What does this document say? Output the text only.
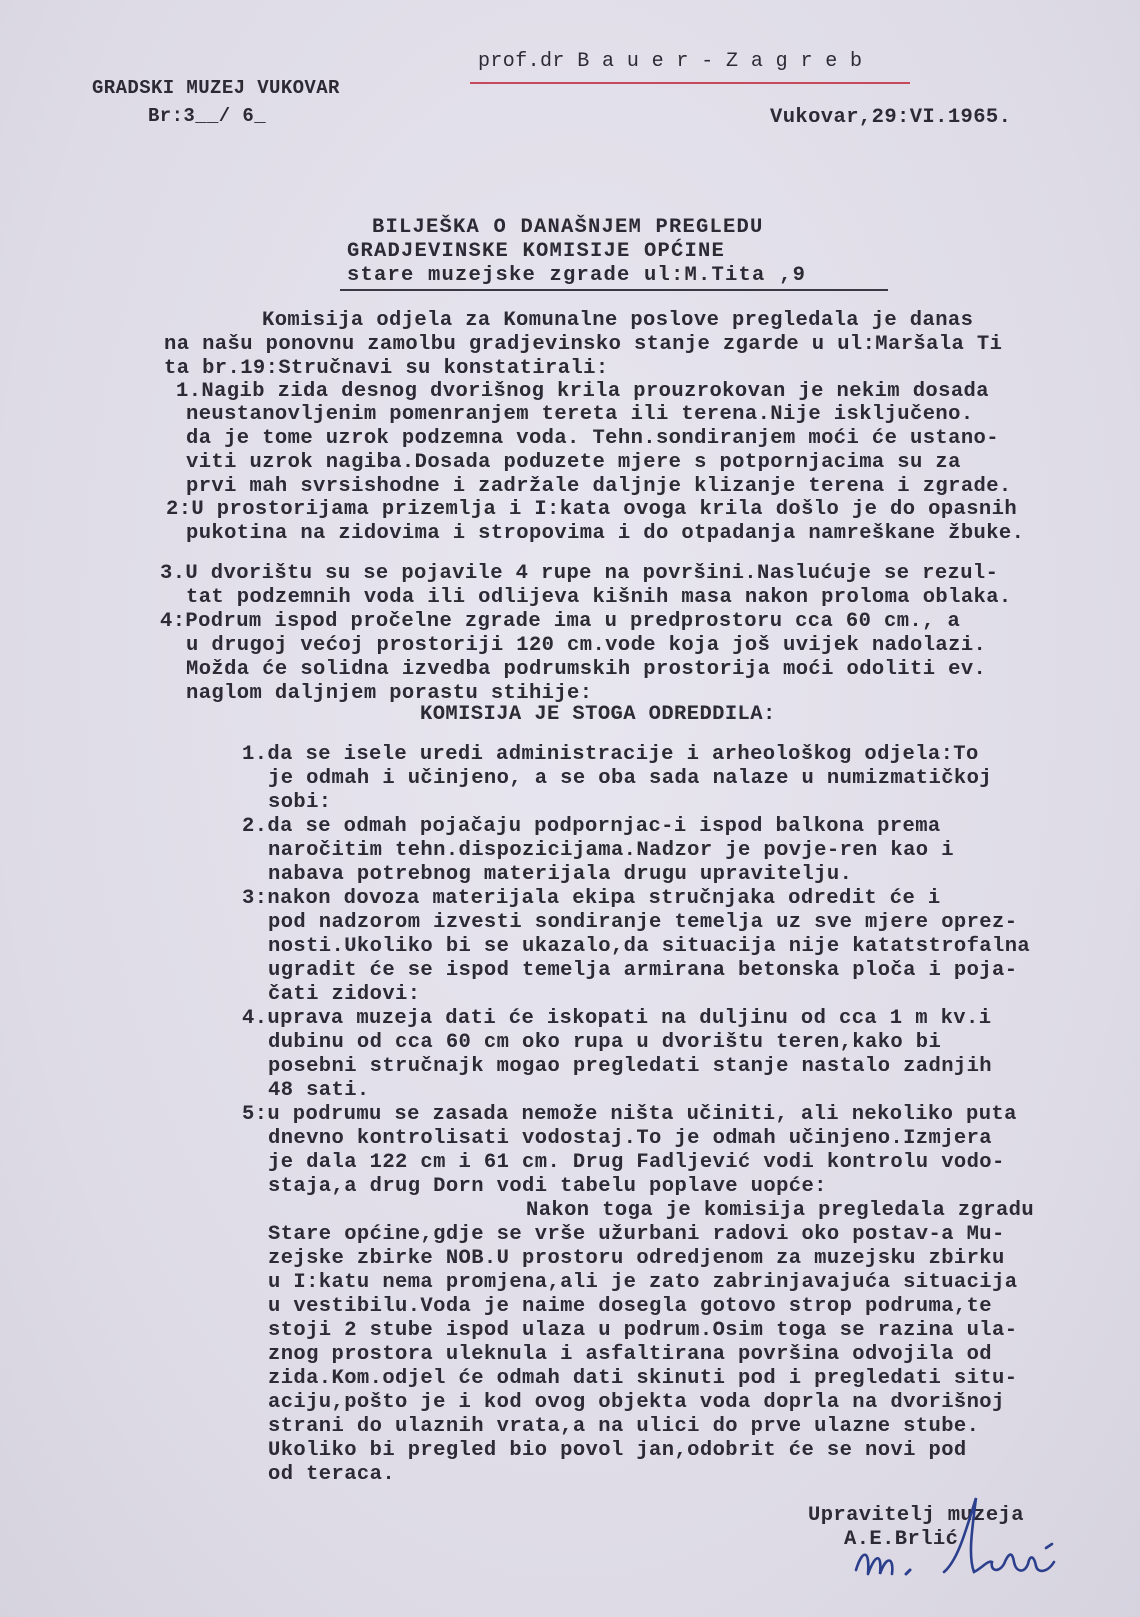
prof.dr B a u e r - Z a g r e b
GRADSKI MUZEJ VUKOVAR
Br:3__/ 6_	Vukovar,29:VI.1965.
BILJEŠKA O DANAŠNJEM PREGLEDU
GRADJEVINSKE KOMISIJE OPĆINE
stare muzejske zgrade ul:M.Tita ,9
Komisija odjela za Komunalne poslove pregledala je danas
na našu ponovnu zamolbu gradjevinsko stanje zgarde u ul:Maršala Ti
ta br.19:Stručnavi su konstatirali:
1.Nagib zida desnog dvorišnog krila prouzrokovan je nekim dosada
neustanovljenim pomenranjem tereta ili terena.Nije isključeno.
da je tome uzrok podzemna voda. Tehn.sondiranjem moći će ustano-
viti uzrok nagiba.Dosada poduzete mjere s potpornjacima su za
prvi mah svrsishodne i zadržale daljnje klizanje terena i zgrade.
2:U prostorijama prizemlja i I:kata ovoga krila došlo je do opasnih
pukotina na zidovima i stropovima i do otpadanja namreškane žbuke.
3.U dvorištu su se pojavile 4 rupe na površini.Naslućuje se rezul-
tat podzemnih voda ili odlijeva kišnih masa nakon proloma oblaka.
4:Podrum ispod pročelne zgrade ima u predprostoru cca 60 cm., a
u drugoj većoj prostoriji 120 cm.vode koja još uvijek nadolazi.
Možda će solidna izvedba podrumskih prostorija moći odoliti ev.
naglom daljnjem porastu stihije:
KOMISIJA JE STOGA ODREDDILA:
1.da se isele uredi administracije i arheološkog odjela:To
je odmah i učinjeno, a se oba sada nalaze u numizmatičkoj
sobi:
2.da se odmah pojačaju podpornjac-i ispod balkona prema
naročitim tehn.dispozicijama.Nadzor je povje-ren kao i
nabava potrebnog materijala drugu upravitelju.
3:nakon dovoza materijala ekipa stručnjaka odredit će i
pod nadzorom izvesti sondiranje temelja uz sve mjere oprez-
nosti.Ukoliko bi se ukazalo,da situacija nije katatstrofalna
ugradit će se ispod temelja armirana betonska ploča i poja-
čati zidovi:
4.uprava muzeja dati će iskopati na duljinu od cca 1 m kv.i
dubinu od cca 60 cm oko rupa u dvorištu teren,kako bi
posebni stručnajk mogao pregledati stanje nastalo zadnjih
48 sati.
5:u podrumu se zasada nemože ništa učiniti, ali nekoliko puta
dnevno kontrolisati vodostaj.To je odmah učinjeno.Izmjera
je dala 122 cm i 61 cm. Drug Fadljević vodi kontrolu vodo-
staja,a drug Dorn vodi tabelu poplave uopće:
Nakon toga je komisija pregledala zgradu
Stare općine,gdje se vrše užurbani radovi oko postav-a Mu-
zejske zbirke NOB.U prostoru odredjenom za muzejsku zbirku
u I:katu nema promjena,ali je zato zabrinjavajuća situacija
u vestibilu.Voda je naime dosegla gotovo strop podruma,te
stoji 2 stube ispod ulaza u podrum.Osim toga se razina ula-
znog prostora uleknula i asfaltirana površina odvojila od
zida.Kom.odjel će odmah dati skinuti pod i pregledati situ-
aciju,pošto je i kod ovog objekta voda doprla na dvorišnoj
strani do ulaznih vrata,a na ulici do prve ulazne stube.
Ukoliko bi pregled bio povol jan,odobrit će se novi pod
od teraca.
Upravitelj muzeja
A.E.Brlić
